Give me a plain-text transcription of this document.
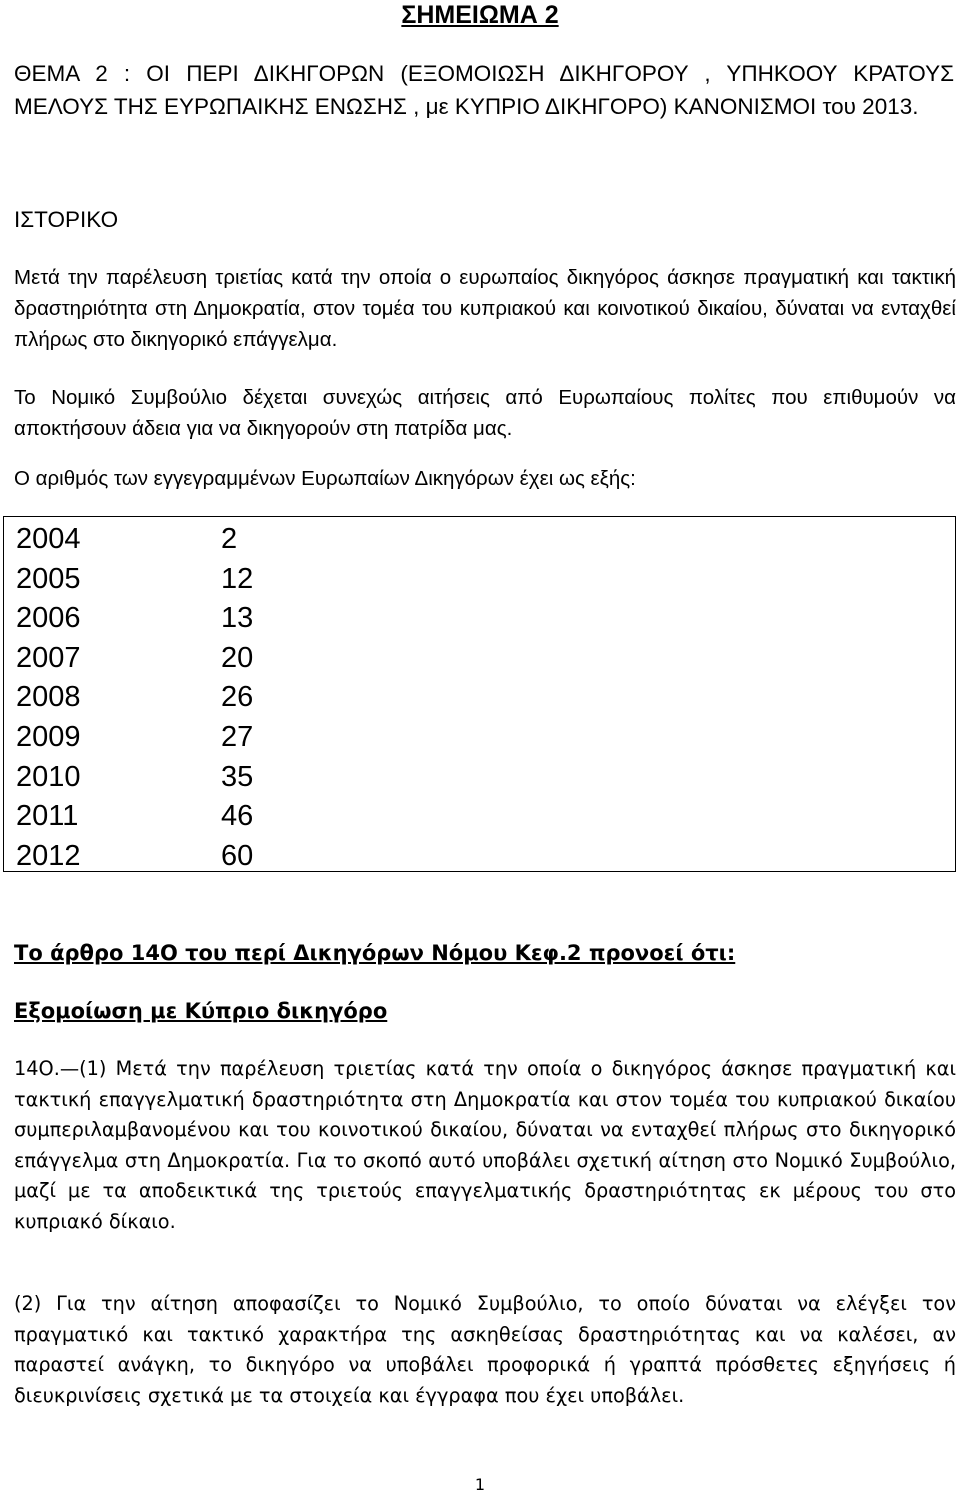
ΣΗΜΕΙΩΜΑ 2
ΘΕΜΑ 2 : ΟΙ ΠΕΡΙ ΔΙΚΗΓΟΡΩΝ (ΕΞΟΜΟΙΩΣΗ ΔΙΚΗΓΟΡΟΥ , ΥΠΗΚΟΟΥ ΚΡΑΤΟΥΣ ΜΕΛΟΥΣ ΤΗΣ ΕΥΡΩΠΑΙΚΗΣ ΕΝΩΣΗΣ , με ΚΥΠΡΙΟ ΔΙΚΗΓΟΡΟ) ΚΑΝΟΝΙΣΜΟΙ του 2013.
ΙΣΤΟΡΙΚΟ
Μετά την παρέλευση τριετίας κατά την οποία ο ευρωπαίος δικηγόρος άσκησε πραγματική και τακτική δραστηριότητα στη Δημοκρατία, στον τομέα του κυπριακού και κοινοτικού δικαίου, δύναται να ενταχθεί πλήρως στο δικηγορικό επάγγελμα.
Το Νομικό Συμβούλιο δέχεται συνεχώς αιτήσεις από Ευρωπαίους πολίτες που επιθυμούν να αποκτήσουν άδεια για να δικηγορούν στη πατρίδα μας.
Ο αριθμός των εγγεγραμμένων Ευρωπαίων Δικηγόρων έχει ως εξής:
2004	2
2005	12
2006	13
2007	20
2008	26
2009	27
2010	35
2011	46
2012	60
Το άρθρο 14Ο του περί Δικηγόρων Νόμου Κεφ.2 προνοεί ότι:
Εξομοίωση με Κύπριο δικηγόρο
14Ο.—(1) Μετά την παρέλευση τριετίας κατά την οποία ο δικηγόρος άσκησε πραγματική και τακτική επαγγελματική δραστηριότητα στη Δημοκρατία και στον τομέα του κυπριακού δικαίου συμπεριλαμβανομένου και του κοινοτικού δικαίου, δύναται να ενταχθεί πλήρως στο δικηγορικό επάγγελμα στη Δημοκρατία. Για το σκοπό αυτό υποβάλει σχετική αίτηση στο Νομικό Συμβούλιο, μαζί με τα αποδεικτικά της τριετούς επαγγελματικής δραστηριότητας εκ μέρους του στο κυπριακό δίκαιο.
(2) Για την αίτηση αποφασίζει το Νομικό Συμβούλιο, το οποίο δύναται να ελέγξει τον πραγματικό και τακτικό χαρακτήρα της ασκηθείσας δραστηριότητας και να καλέσει, αν παραστεί ανάγκη, το δικηγόρο να υποβάλει προφορικά ή γραπτά πρόσθετες εξηγήσεις ή διευκρινίσεις σχετικά με τα στοιχεία και έγγραφα που έχει υποβάλει.
1
